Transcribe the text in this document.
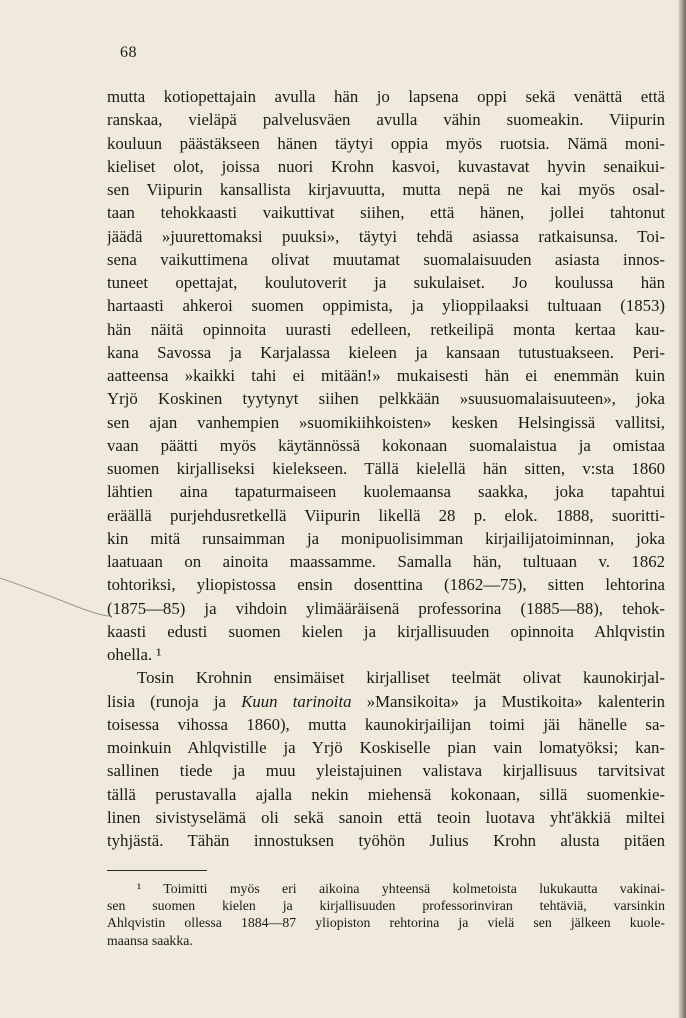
68
mutta kotiopettajain avulla hän jo lapsena oppi sekä venättä että
ranskaa, vieläpä palvelusväen avulla vähin suomeakin. Viipurin
kouluun päästäkseen hänen täytyi oppia myös ruotsia. Nämä moni-
kieliset olot, joissa nuori Krohn kasvoi, kuvastavat hyvin senaikui-
sen Viipurin kansallista kirjavuutta, mutta nepä ne kai myös osal-
taan tehokkaasti vaikuttivat siihen, että hänen, jollei tahtonut
jäädä »juurettomaksi puuksi», täytyi tehdä asiassa ratkaisunsa. Toi-
sena vaikuttimena olivat muutamat suomalaisuuden asiasta innos-
tuneet opettajat, koulutoverit ja sukulaiset. Jo koulussa hän
hartaasti ahkeroi suomen oppimista, ja ylioppilaaksi tultuaan (1853)
hän näitä opinnoita uurasti edelleen, retkeilipä monta kertaa kau-
kana Savossa ja Karjalassa kieleen ja kansaan tutustuakseen. Peri-
aatteensa »kaikki tahi ei mitään!» mukaisesti hän ei enemmän kuin
Yrjö Koskinen tyytynyt siihen pelkkään »suusuomalaisuuteen», joka
sen ajan vanhempien »suomikiihkoisten» kesken Helsingissä vallitsi,
vaan päätti myös käytännössä kokonaan suomalaistua ja omistaa
suomen kirjalliseksi kielekseen. Tällä kielellä hän sitten, v:sta 1860
lähtien aina tapaturmaiseen kuolemaansa saakka, joka tapahtui
eräällä purjehdusretkellä Viipurin likellä 28 p. elok. 1888, suoritti-
kin mitä runsaimman ja monipuolisimman kirjailijatoiminnan, joka
laatuaan on ainoita maassamme. Samalla hän, tultuaan v. 1862
tohtoriksi, yliopistossa ensin dosenttina (1862—75), sitten lehtorina
(1875—85) ja vihdoin ylimääräisenä professorina (1885—88), tehok-
kaasti edusti suomen kielen ja kirjallisuuden opinnoita Ahlqvistin
ohella. ¹
Tosin Krohnin ensimäiset kirjalliset teelmät olivat kaunokirjal-
lisia (runoja ja Kuun tarinoita »Mansikoita» ja Mustikoita» kalenterin
toisessa vihossa 1860), mutta kaunokirjailijan toimi jäi hänelle sa-
moinkuin Ahlqvistille ja Yrjö Koskiselle pian vain lomatyöksi; kan-
sallinen tiede ja muu yleistajuinen valistava kirjallisuus tarvitsivat
tällä perustavalla ajalla nekin miehensä kokonaan, sillä suomenkie-
linen sivistyselämä oli sekä sanoin että teoin luotava yht'äkkiä miltei
tyhjästä. Tähän innostuksen työhön Julius Krohn alusta pitäen
¹ Toimitti myös eri aikoina yhteensä kolmetoista lukukautta vakinai-
sen suomen kielen ja kirjallisuuden professorinviran tehtäviä, varsinkin
Ahlqvistin ollessa 1884—87 yliopiston rehtorina ja vielä sen jälkeen kuole-
maansa saakka.
